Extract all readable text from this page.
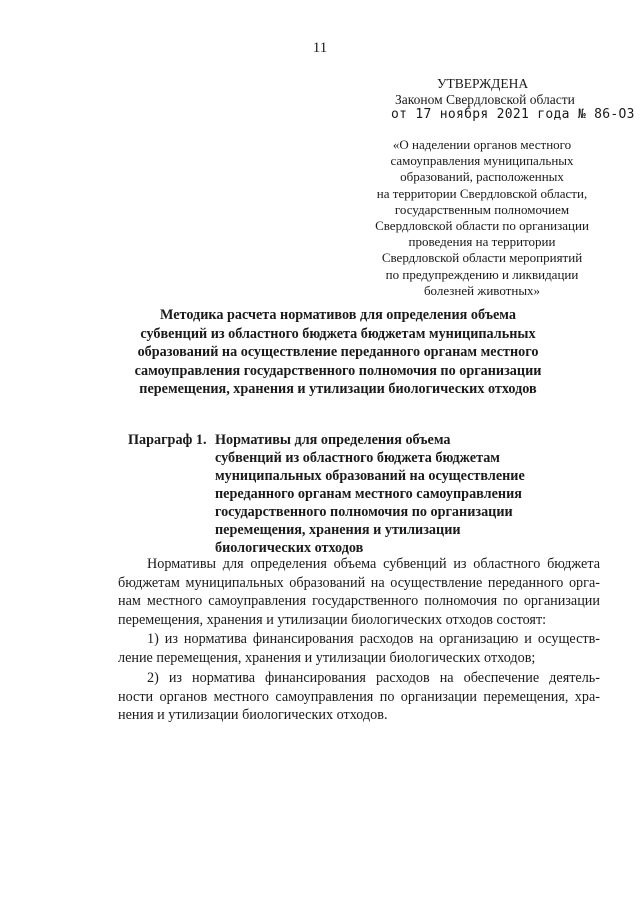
11
УТВЕРЖДЕНА
Законом Свердловской области
от 17 ноября 2021 года № 86-ОЗ
«О наделении органов местного
самоуправления муниципальных
образований, расположенных
на территории Свердловской области,
государственным полномочием
Свердловской области по организации
проведения на территории
Свердловской области мероприятий
по предупреждению и ликвидации
болезней животных»
Методика расчета нормативов для определения объема
субвенций из областного бюджета бюджетам муниципальных
образований на осуществление переданного органам местного
самоуправления государственного полномочия по организации
перемещения, хранения и утилизации биологических отходов
Параграф 1. Нормативы для определения объема
субвенций из областного бюджета бюджетам
муниципальных образований на осуществление
переданного органам местного самоуправления
государственного полномочия по организации
перемещения, хранения и утилизации
биологических отходов
Нормативы для определения объема субвенций из областного бюджета
бюджетам муниципальных образований на осуществление переданного орга-
нам местного самоуправления государственного полномочия по организации
перемещения, хранения и утилизации биологических отходов состоят:
1) из норматива финансирования расходов на организацию и осуществ-
ление перемещения, хранения и утилизации биологических отходов;
2) из норматива финансирования расходов на обеспечение деятель-
ности органов местного самоуправления по организации перемещения, хра-
нения и утилизации биологических отходов.
